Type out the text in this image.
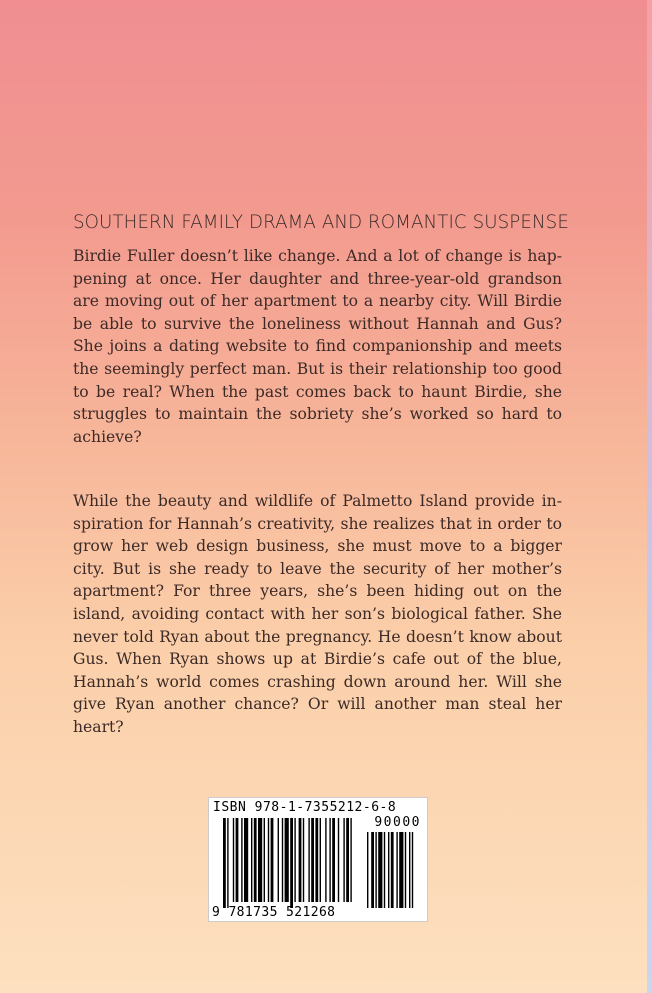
SOUTHERN FAMILY DRAMA AND ROMANTIC SUSPENSE
Birdie Fuller doesn’t like change. And a lot of change is happening at once. Her daughter and three-year-old grandson are moving out of her apartment to a nearby city. Will Birdie be able to survive the loneliness without Hannah and Gus? She joins a dating website to find companionship and meets the seemingly perfect man. But is their relationship too good to be real? When the past comes back to haunt Birdie, she struggles to maintain the sobriety she’s worked so hard to achieve?
While the beauty and wildlife of Palmetto Island provide inspiration for Hannah’s creativity, she realizes that in order to grow her web design business, she must move to a bigger city. But is she ready to leave the security of her mother’s apartment? For three years, she’s been hiding out on the island, avoiding contact with her son’s biological father. She never told Ryan about the pregnancy. He doesn’t know about Gus. When Ryan shows up at Birdie’s cafe out of the blue, Hannah’s world comes crashing down around her. Will she give Ryan another chance? Or will another man steal her heart?
ISBN 978-1-7355212-6-8
90000
9 781735 521268
